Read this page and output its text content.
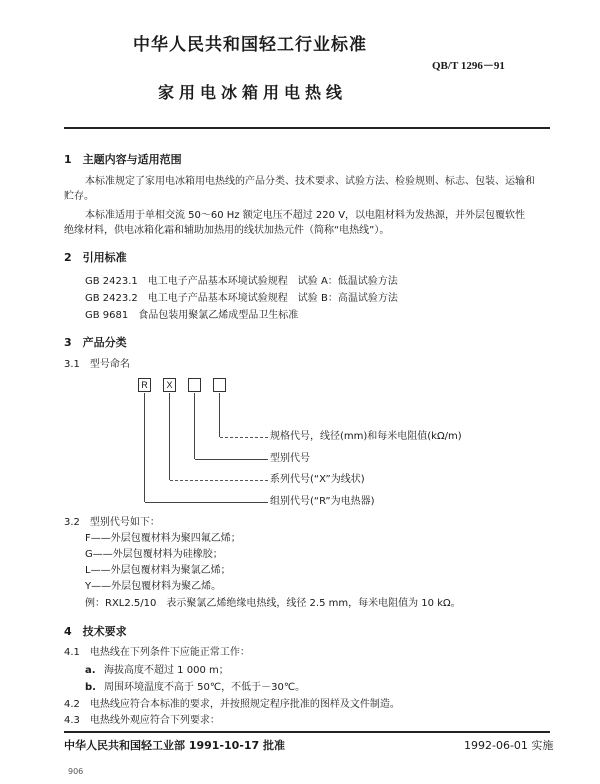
中华人民共和国轻工行业标准
QB/T 1296－91
家用电冰箱用电热线
1　主题内容与适用范围
本标准规定了家用电冰箱用电热线的产品分类、技术要求、试验方法、检验规则、标志、包装、运输和
贮存。
本标准适用于单相交流 50～60 Hz 额定电压不超过 220 V，以电阻材料为发热源，并外层包覆软性
绝缘材料，供电冰箱化霜和辅助加热用的线状加热元件（简称“电热线”）。
2　引用标准
GB 2423.1　电工电子产品基本环境试验规程　试验 A：低温试验方法
GB 2423.2　电工电子产品基本环境试验规程　试验 B：高温试验方法
GB 9681　食品包装用聚氯乙烯成型品卫生标准
3　产品分类
3.1　型号命名
R	X
规格代号，线径(mm)和每米电阻值(kΩ/m)
型别代号
系列代号(“X”为线状)
组别代号(“R”为电热器)
3.2　型别代号如下：
F——外层包覆材料为聚四氟乙烯；
G——外层包覆材料为硅橡胶；
L——外层包覆材料为聚氯乙烯；
Y——外层包覆材料为聚乙烯。
例：RXL2.5/10　表示聚氯乙烯绝缘电热线，线径 2.5 mm，每米电阻值为 10 kΩ。
4　技术要求
4.1　电热线在下列条件下应能正常工作：
a. 海拔高度不超过 1 000 m；
b. 周围环境温度不高于 50℃，不低于－30℃。
4.2　电热线应符合本标准的要求，并按照规定程序批准的图样及文件制造。
4.3　电热线外观应符合下列要求：
中华人民共和国轻工业部 1991-10-17 批准	1992-06-01 实施
906
